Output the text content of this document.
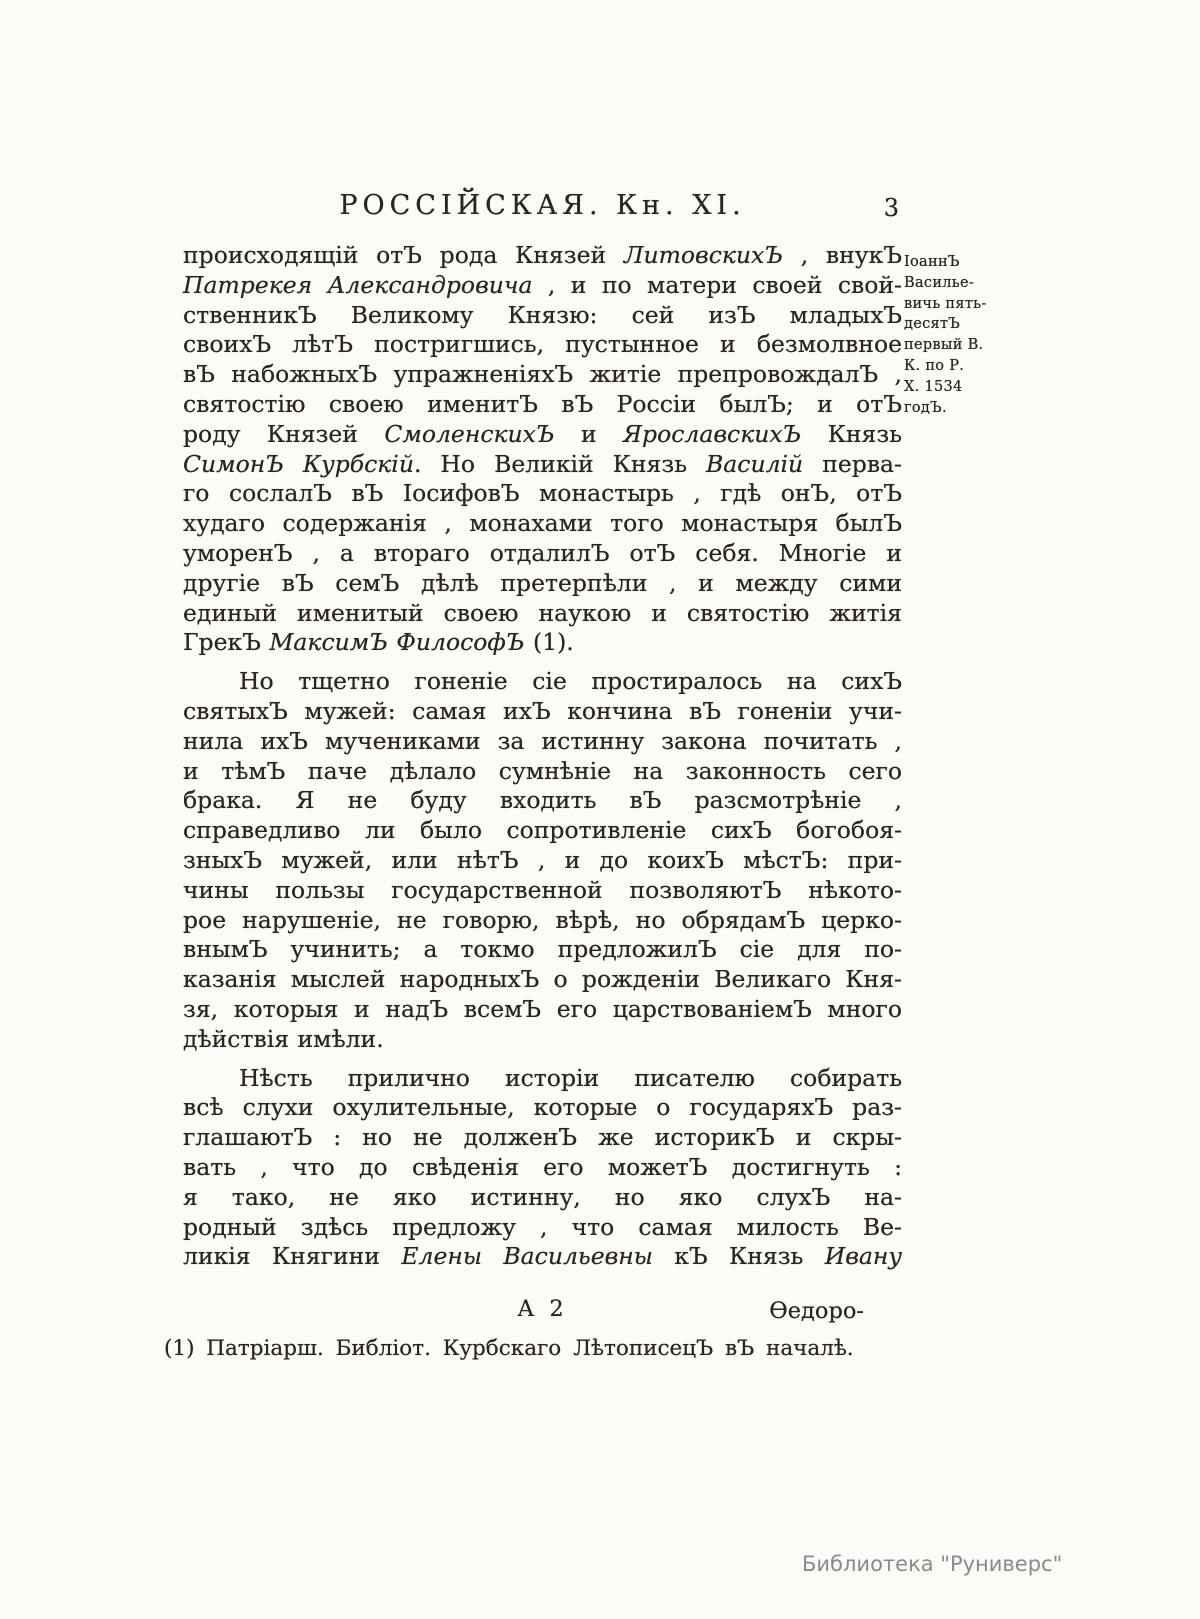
РОССІЙСКАЯ. Кн. XI.	3
происходящій отЪ рода Князей ЛитовскихЪ , внукЪ
Патрекея Александровича , и по матери своей свой-
ственникЪ Великому Князю: сей изЪ младыхЪ
своихЪ лѣтЪ постригшись, пустынное и безмолвное
вЪ набожныхЪ упражненіяхЪ житіе препровождалЪ ,
святостію своею именитЪ вЪ Россіи былЪ; и отЪ
роду Князей СмоленскихЪ и ЯрославскихЪ Князь
СимонЪ Курбскій. Но Великій Князь Василій перва-
го сослалЪ вЪ ІосифовЪ монастырь , гдѣ онЪ, отЪ
худаго содержанія , монахами того монастыря былЪ
уморенЪ , а втораго отдалилЪ отЪ себя. Многіе и
другіе вЪ семЪ дѣлѣ претерпѣли , и между сими
единый именитый своею наукою и святостію житія
ГрекЪ МаксимЪ ФилософЪ (1).
Но тщетно гоненіе сіе простиралось на сихЪ
святыхЪ мужей: самая ихЪ кончина вЪ гоненіи учи-
нила ихЪ мучениками за истинну закона почитать ,
и тѣмЪ паче дѣлало сумнѣніе на законность сего
брака. Я не буду входить вЪ разсмотрѣніе ,
справедливо ли было сопротивленіе сихЪ богобоя-
зныхЪ мужей, или нѣтЪ , и до коихЪ мѣстЪ: при-
чины пользы государственной позволяютЪ нѣкото-
рое нарушеніе, не говорю, вѣрѣ, но обрядамЪ церко-
внымЪ учинить; а токмо предложилЪ сіе для по-
казанія мыслей народныхЪ о рожденіи Великаго Кня-
зя, которыя и надЪ всемЪ его царствованіемЪ много
дѣйствія имѣли.
Нѣсть прилично исторіи писателю собирать
всѣ слухи охулительные, которые о государяхЪ раз-
глашаютЪ : но не долженЪ же историкЪ и скры-
вать , что до свѣденія его можетЪ достигнуть :
я тако, не яко истинну, но яко слухЪ на-
родный здѣсь предложу , что самая милость Ве-
ликія Княгини Елены Васильевны кЪ Князь Ивану
ІоаннЪ
Василье-
вичь пять-
десятЪ
первый В.
К. по Р.
Х. 1534
годЪ.
А 2	Ѳедоро-
(1) Патріарш. Библіот. Курбскаго ЛѣтописецЪ вЪ началѣ.
Библиотека "Руниверс"
